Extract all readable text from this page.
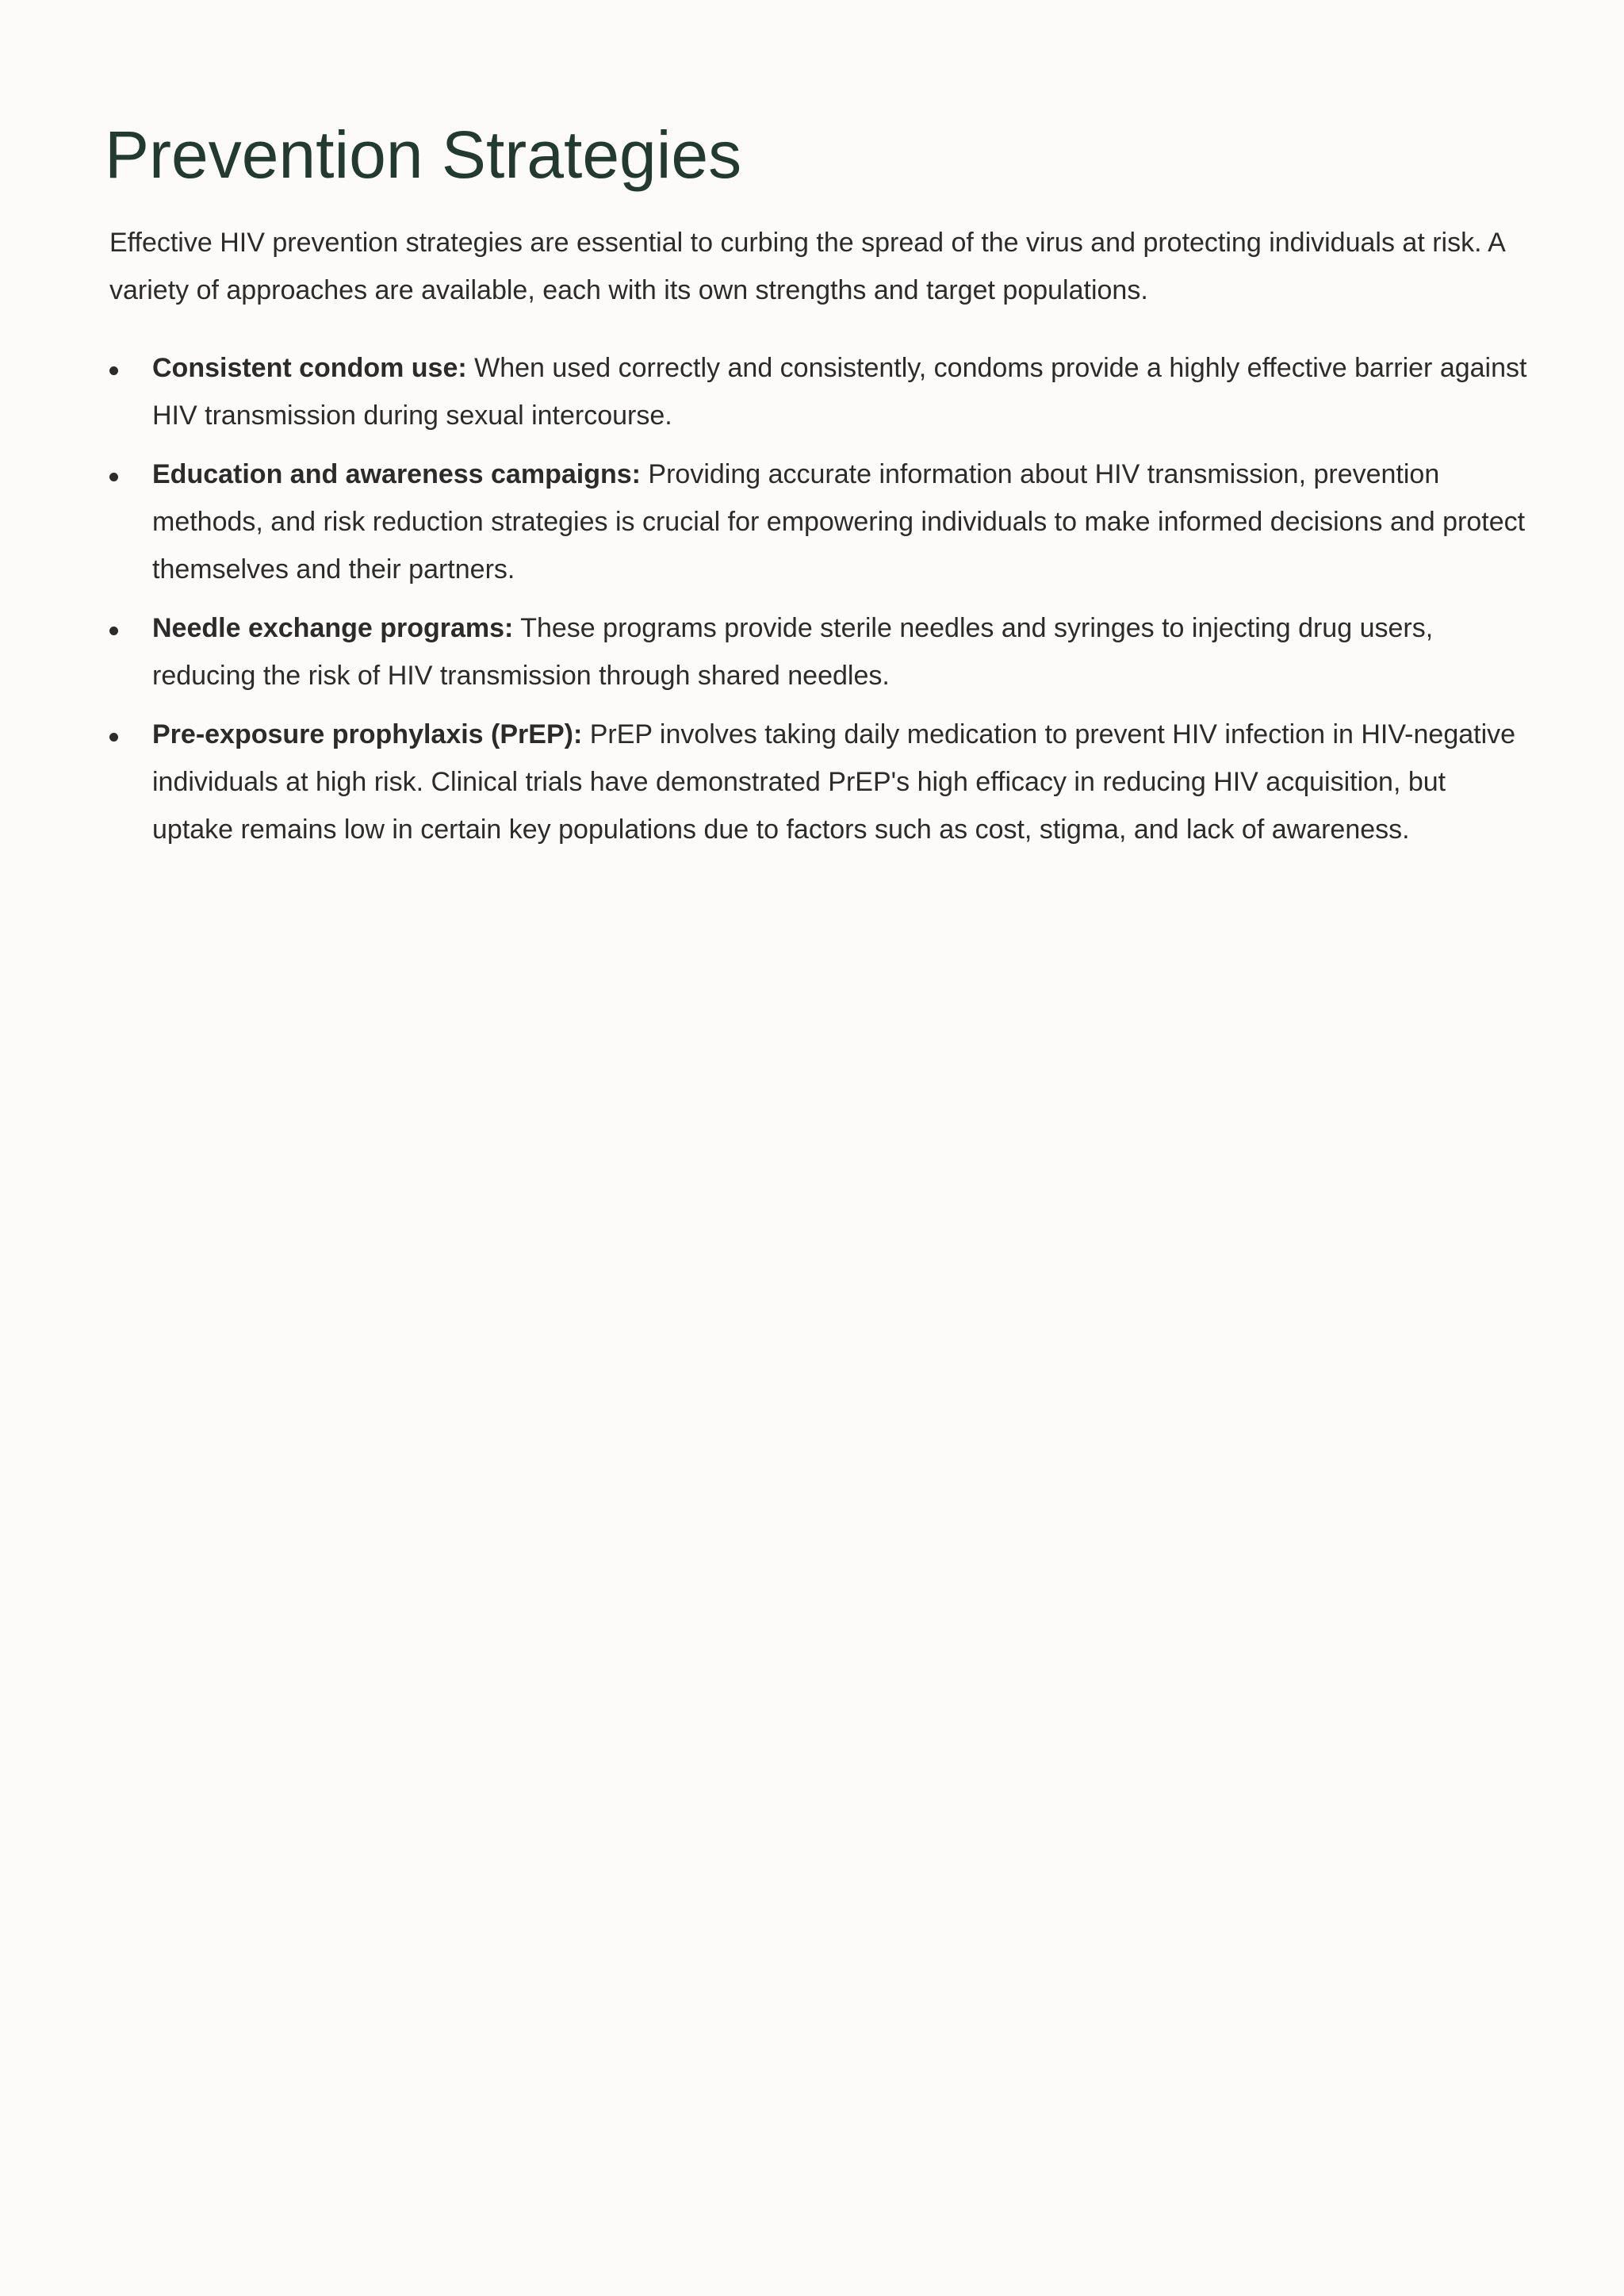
Prevention Strategies

Effective HIV prevention strategies are essential to curbing the spread of the virus and protecting individuals at risk. A variety of approaches are available, each with its own strengths and target populations.

Consistent condom use: When used correctly and consistently, condoms provide a highly effective barrier against HIV transmission during sexual intercourse.
Education and awareness campaigns: Providing accurate information about HIV transmission, prevention methods, and risk reduction strategies is crucial for empowering individuals to make informed decisions and protect themselves and their partners.
Needle exchange programs: These programs provide sterile needles and syringes to injecting drug users, reducing the risk of HIV transmission through shared needles.
Pre-exposure prophylaxis (PrEP): PrEP involves taking daily medication to prevent HIV infection in HIV-negative individuals at high risk. Clinical trials have demonstrated PrEP's high efficacy in reducing HIV acquisition, but uptake remains low in certain key populations due to factors such as cost, stigma, and lack of awareness.
